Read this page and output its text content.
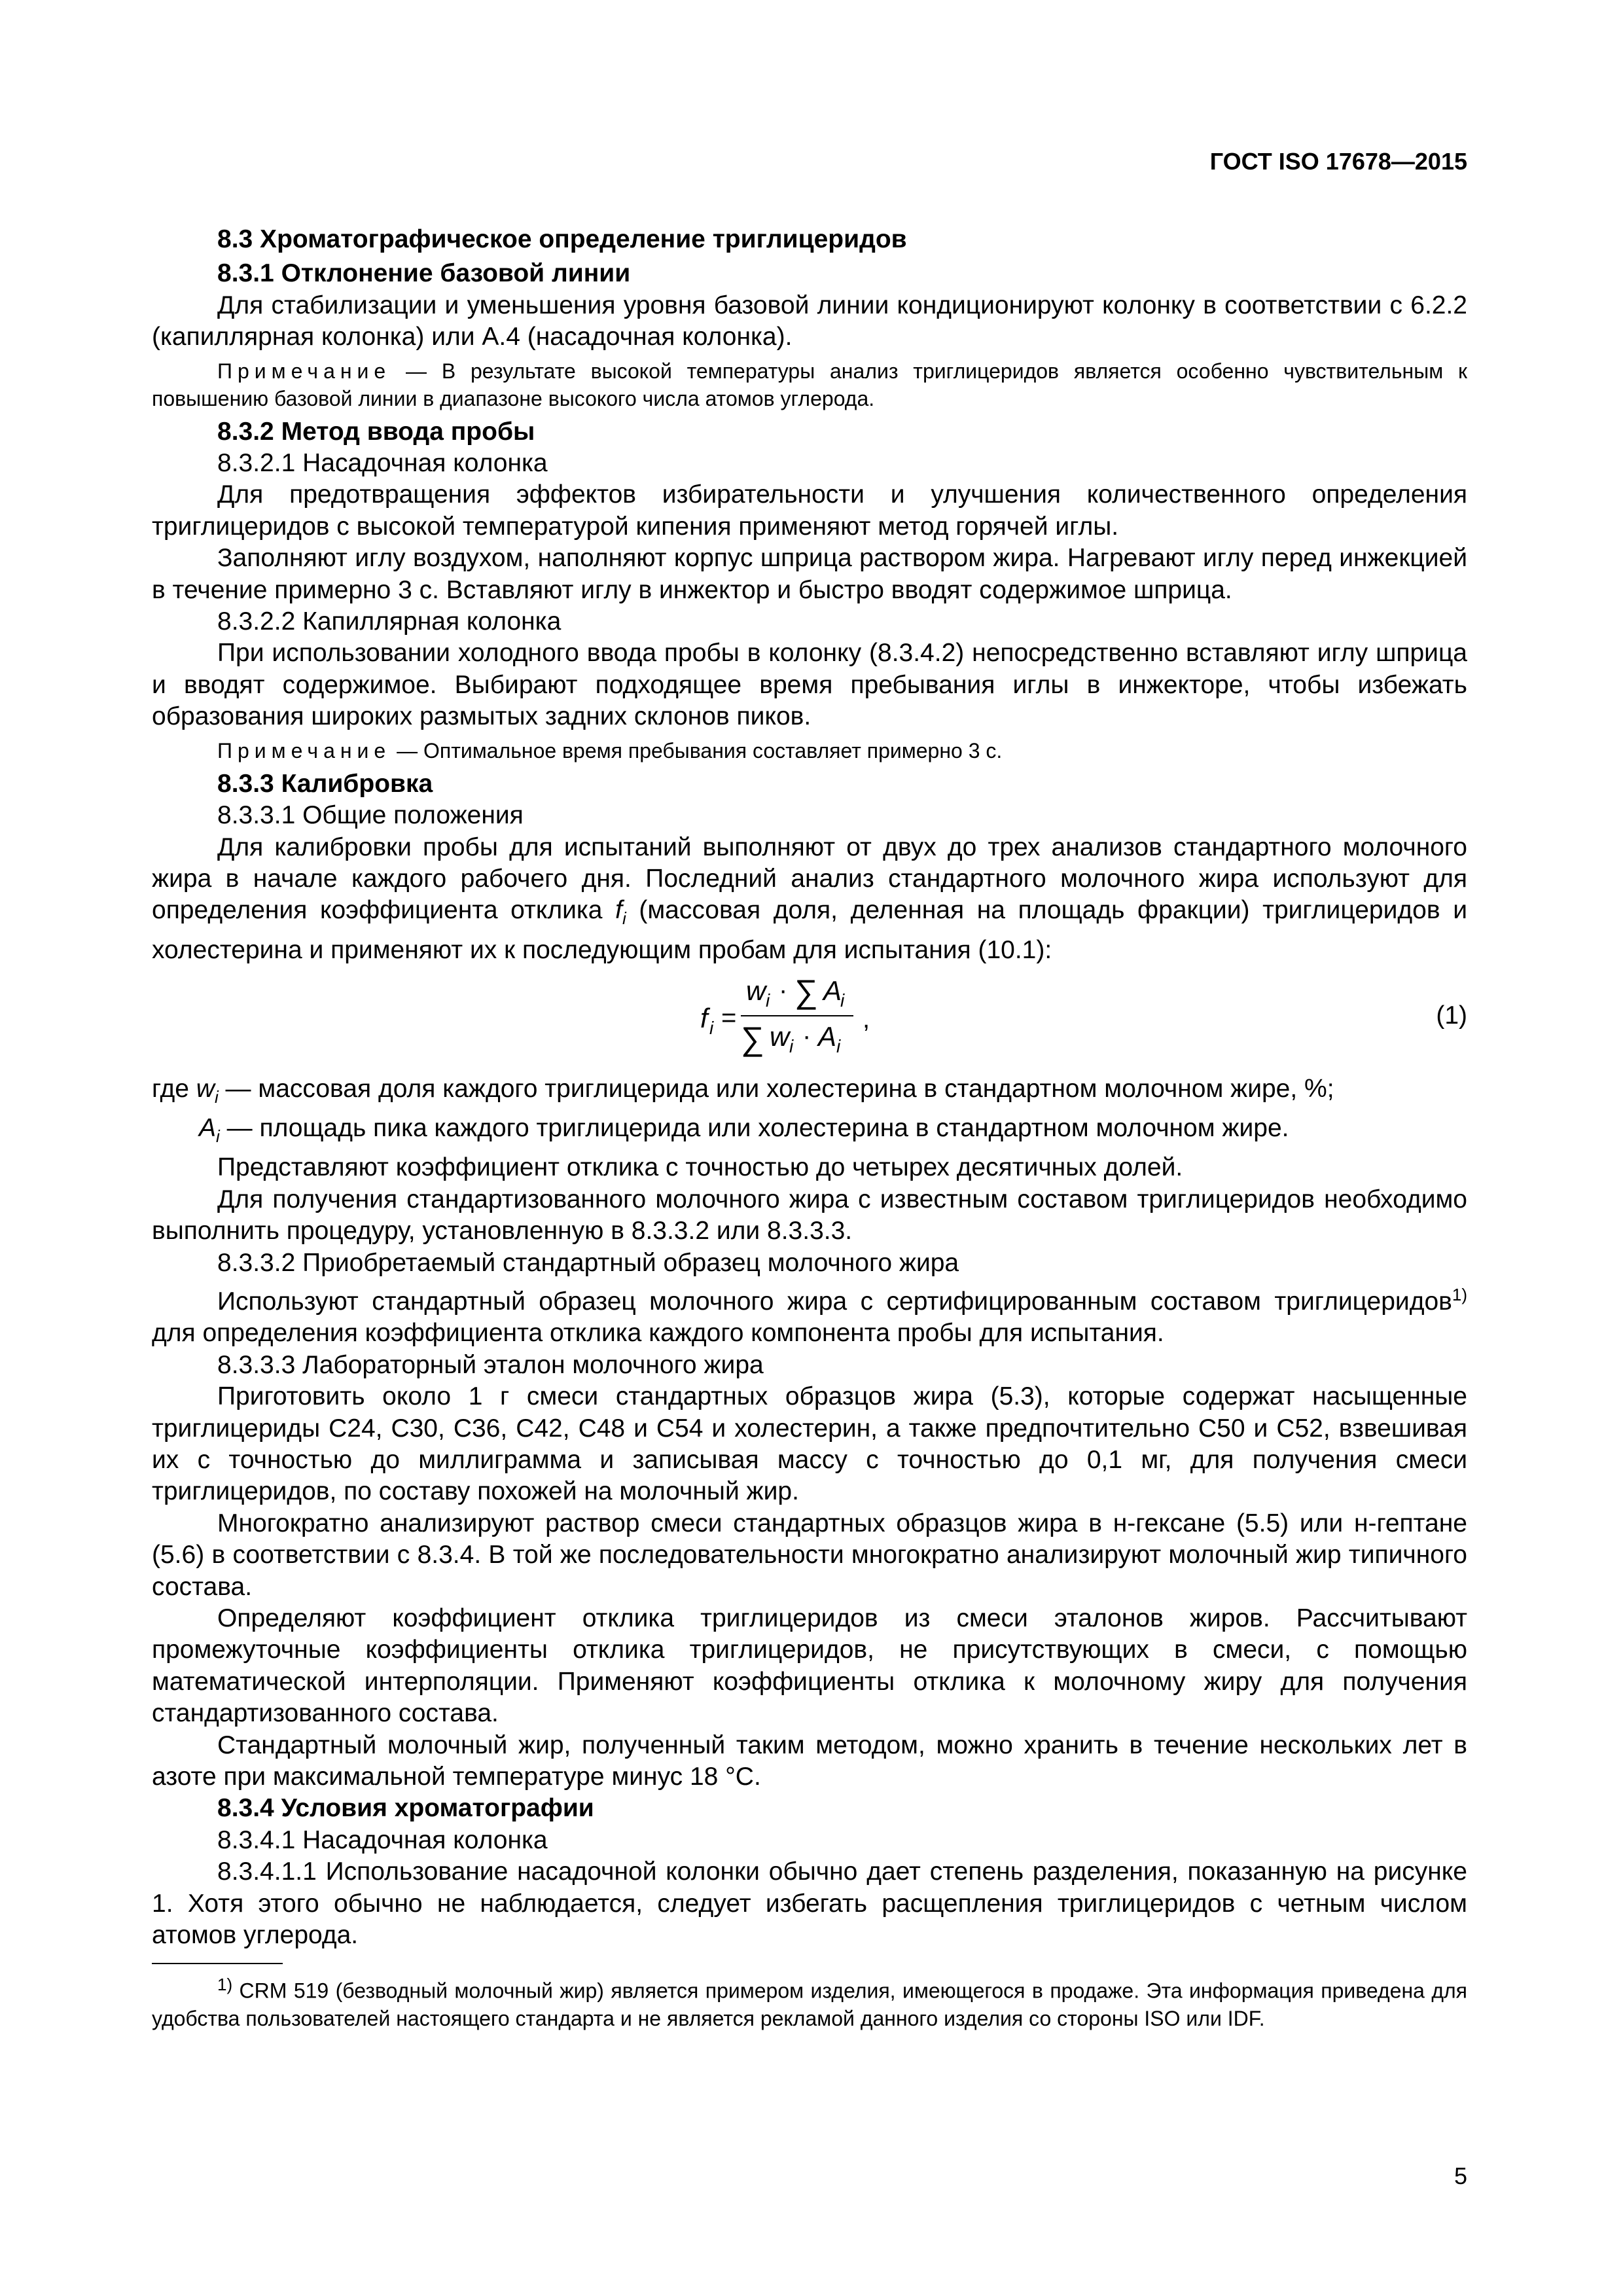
ГОСТ ISO 17678—2015

8.3 Хроматографическое определение триглицеридов

8.3.1 Отклонение базовой линии

Для стабилизации и уменьшения уровня базовой линии кондиционируют колонку в соответствии с 6.2.2 (капиллярная колонка) или А.4 (насадочная колонка).

Примечание — В результате высокой температуры анализ триглицеридов является особенно чувствительным к повышению базовой линии в диапазоне высокого числа атомов углерода.

8.3.2 Метод ввода пробы

8.3.2.1 Насадочная колонка

Для предотвращения эффектов избирательности и улучшения количественного определения триглицеридов с высокой температурой кипения применяют метод горячей иглы.

Заполняют иглу воздухом, наполняют корпус шприца раствором жира. Нагревают иглу перед инжекцией в течение примерно 3 с. Вставляют иглу в инжектор и быстро вводят содержимое шприца.

8.3.2.2 Капиллярная колонка

При использовании холодного ввода пробы в колонку (8.3.4.2) непосредственно вставляют иглу шприца и вводят содержимое. Выбирают подходящее время пребывания иглы в инжекторе, чтобы избежать образования широких размытых задних склонов пиков.

Примечание — Оптимальное время пребывания составляет примерно 3 с.

8.3.3 Калибровка

8.3.3.1 Общие положения

Для калибровки пробы для испытаний выполняют от двух до трех анализов стандартного молочного жира в начале каждого рабочего дня. Последний анализ стандартного молочного жира используют для определения коэффициента отклика $f_i$ (массовая доля, деленная на площадь фракции) триглицеридов и холестерина и применяют их к последующим пробам для испытания (10.1):

f i =
w i · ∑ A
i
∑ w i · A i
,	(1)

где $w_i$ — массовая доля каждого триглицерида или холестерина в стандартном молочном жире, %;

$A_i$ — площадь пика каждого триглицерида или холестерина в стандартном молочном жире.

Представляют коэффициент отклика с точностью до четырех десятичных долей.

Для получения стандартизованного молочного жира с известным составом триглицеридов необходимо выполнить процедуру, установленную в 8.3.3.2 или 8.3.3.3.

8.3.3.2 Приобретаемый стандартный образец молочного жира

Используют стандартный образец молочного жира с сертифицированным составом триглицеридов$^{1)}$ для определения коэффициента отклика каждого компонента пробы для испытания.

8.3.3.3 Лабораторный эталон молочного жира

Приготовить около 1 г смеси стандартных образцов жира (5.3), которые содержат насыщенные триглицериды С24, С30, С36, С42, С48 и С54 и холестерин, а также предпочтительно С50 и С52, взвешивая их с точностью до миллиграмма и записывая массу с точностью до 0,1 мг, для получения смеси триглицеридов, по составу похожей на молочный жир.

Многократно анализируют раствор смеси стандартных образцов жира в н-гексане (5.5) или н-гептане (5.6) в соответствии с 8.3.4. В той же последовательности многократно анализируют молочный жир типичного состава.

Определяют коэффициент отклика триглицеридов из смеси эталонов жиров. Рассчитывают промежуточные коэффициенты отклика триглицеридов, не присутствующих в смеси, с помощью математической интерполяции. Применяют коэффициенты отклика к молочному жиру для получения стандартизованного состава.

Стандартный молочный жир, полученный таким методом, можно хранить в течение нескольких лет в азоте при максимальной температуре минус 18 °С.

8.3.4 Условия хроматографии

8.3.4.1 Насадочная колонка

8.3.4.1.1 Использование насадочной колонки обычно дает степень разделения, показанную на рисунке 1. Хотя этого обычно не наблюдается, следует избегать расщепления триглицеридов с четным числом атомов углерода.

$^{1)}$ CRM 519 (безводный молочный жир) является примером изделия, имеющегося в продаже. Эта информация приведена для удобства пользователей настоящего стандарта и не является рекламой данного изделия со стороны ISO или IDF.

5
